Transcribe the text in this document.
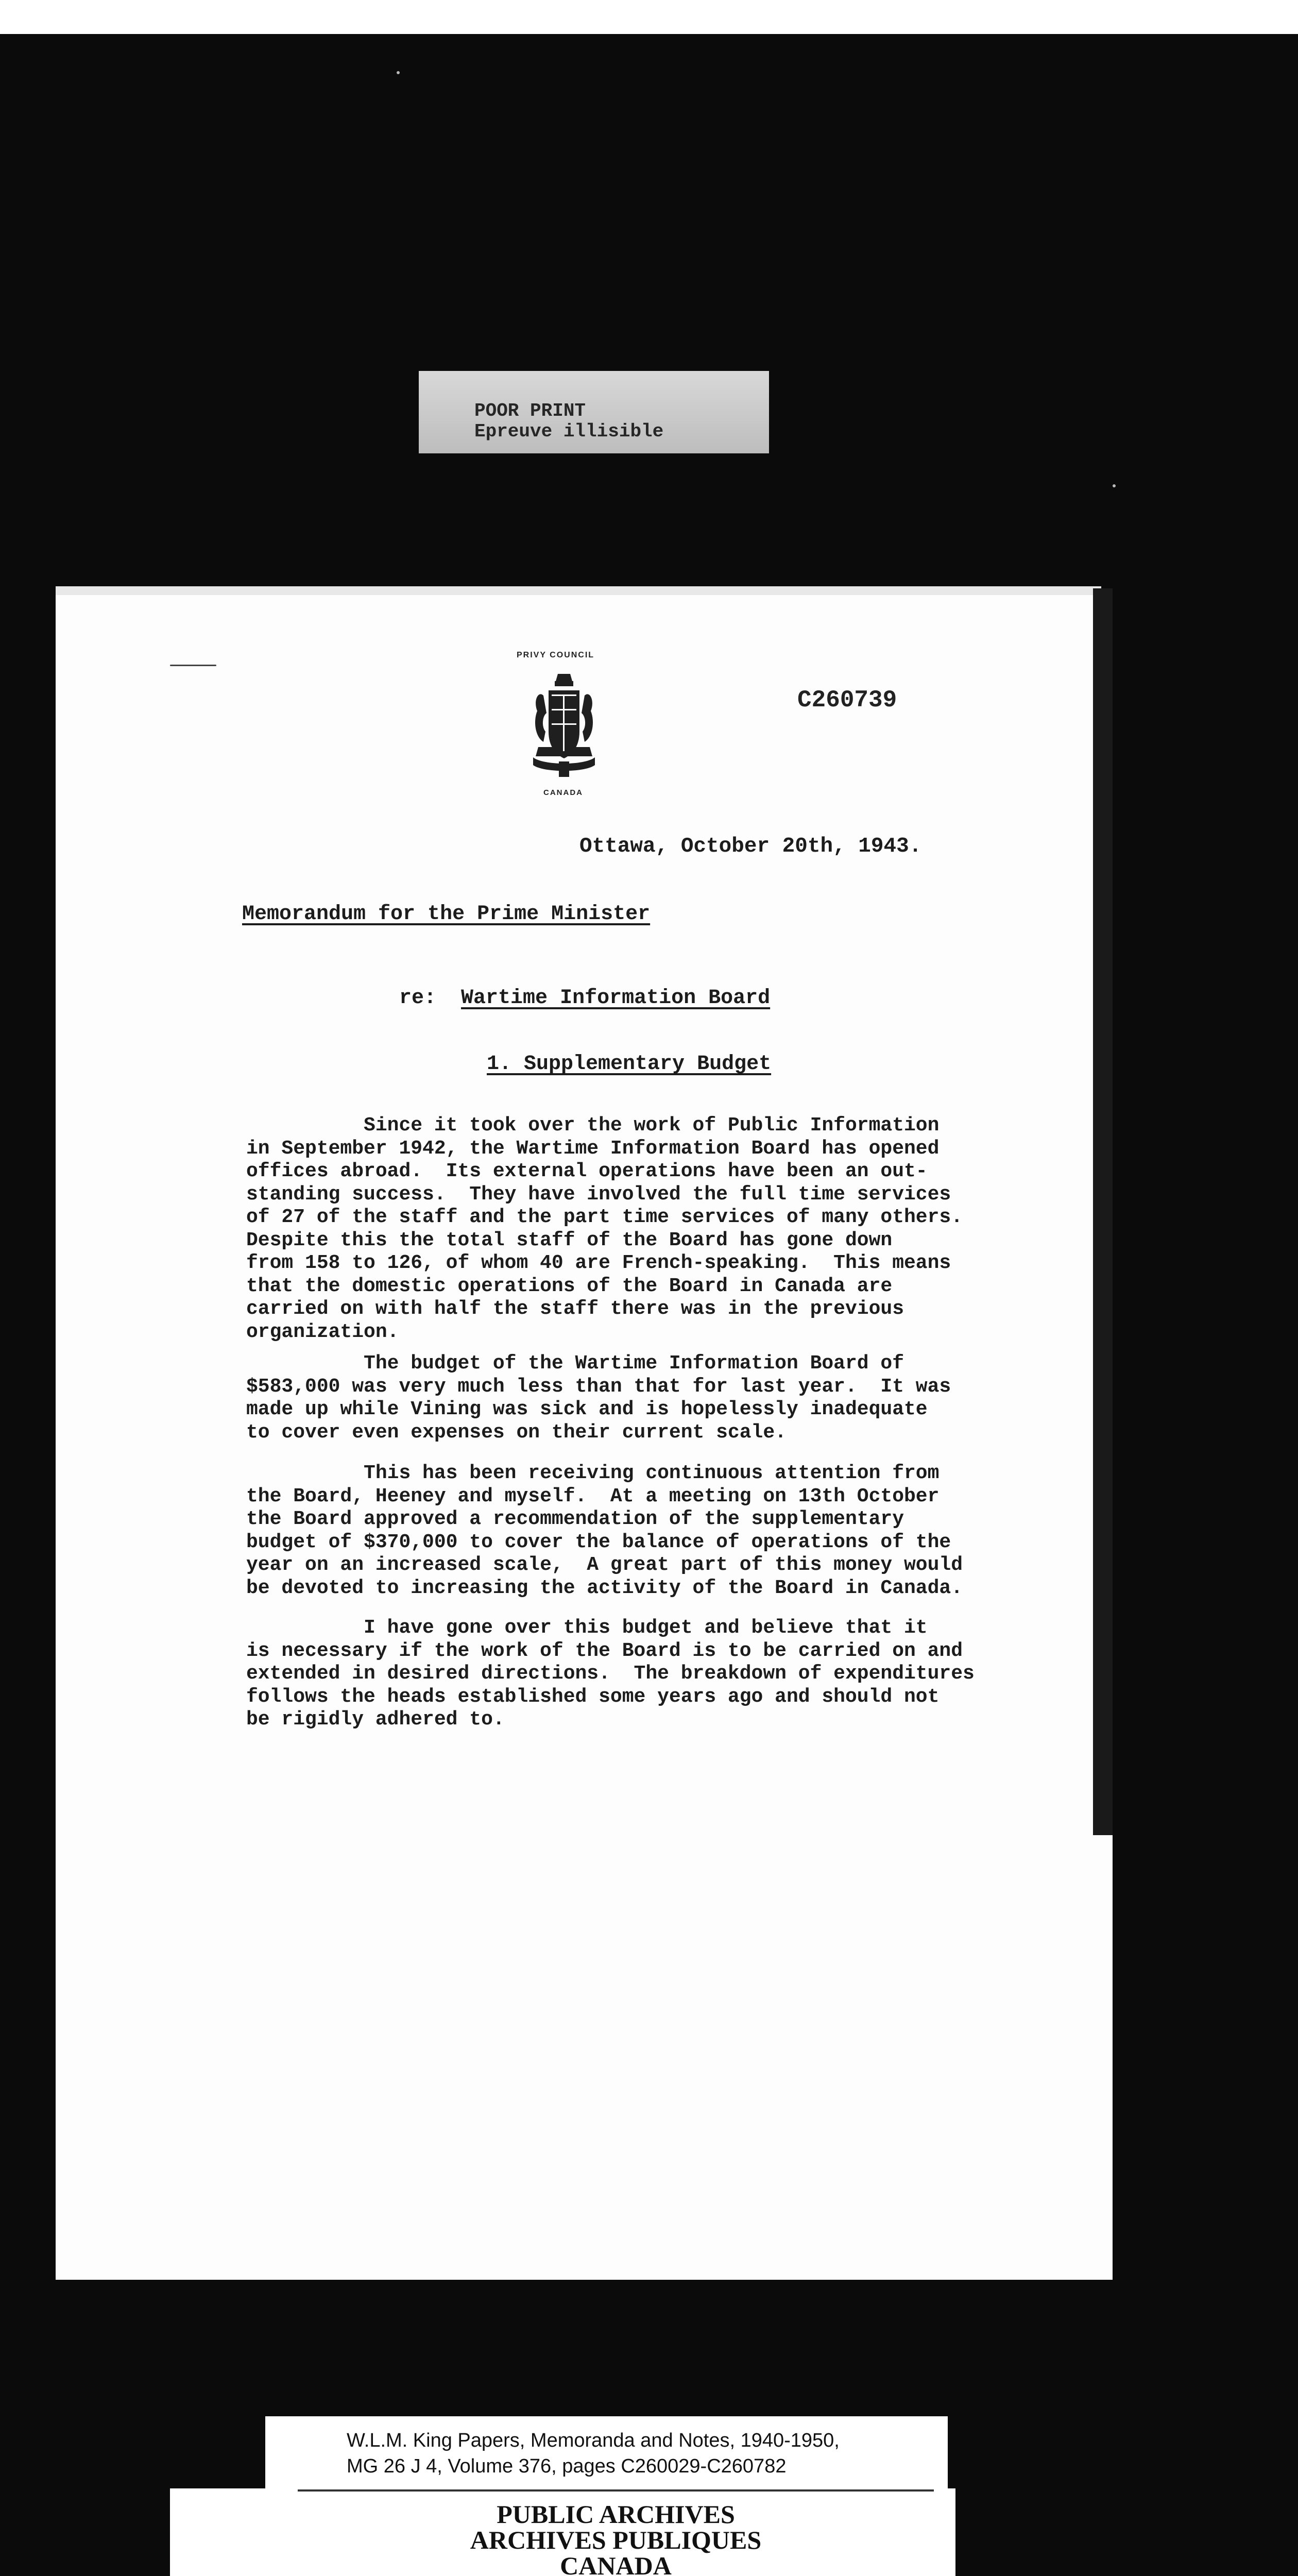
POOR PRINT
Epreuve illisible
PRIVY COUNCIL
CANADA
C260739
Ottawa, October 20th, 1943.
Memorandum for the Prime Minister
re: Wartime Information Board
1. Supplementary Budget
Since it took over the work of Public Information
in September 1942, the Wartime Information Board has opened
offices abroad.  Its external operations have been an out-
standing success.  They have involved the full time services
of 27 of the staff and the part time services of many others.
Despite this the total staff of the Board has gone down
from 158 to 126, of whom 40 are French-speaking.  This means
that the domestic operations of the Board in Canada are
carried on with half the staff there was in the previous
organization.
The budget of the Wartime Information Board of
$583,000 was very much less than that for last year.  It was
made up while Vining was sick and is hopelessly inadequate
to cover even expenses on their current scale.
This has been receiving continuous attention from
the Board, Heeney and myself.  At a meeting on 13th October
the Board approved a recommendation of the supplementary
budget of $370,000 to cover the balance of operations of the
year on an increased scale,  A great part of this money would
be devoted to increasing the activity of the Board in Canada.
I have gone over this budget and believe that it
is necessary if the work of the Board is to be carried on and
extended in desired directions.  The breakdown of expenditures
follows the heads established some years ago and should not
be rigidly adhered to.
W.L.M. King Papers, Memoranda and Notes, 1940-1950,
MG 26 J 4, Volume 376, pages C260029-C260782
PUBLIC ARCHIVES
ARCHIVES PUBLIQUES
CANADA
